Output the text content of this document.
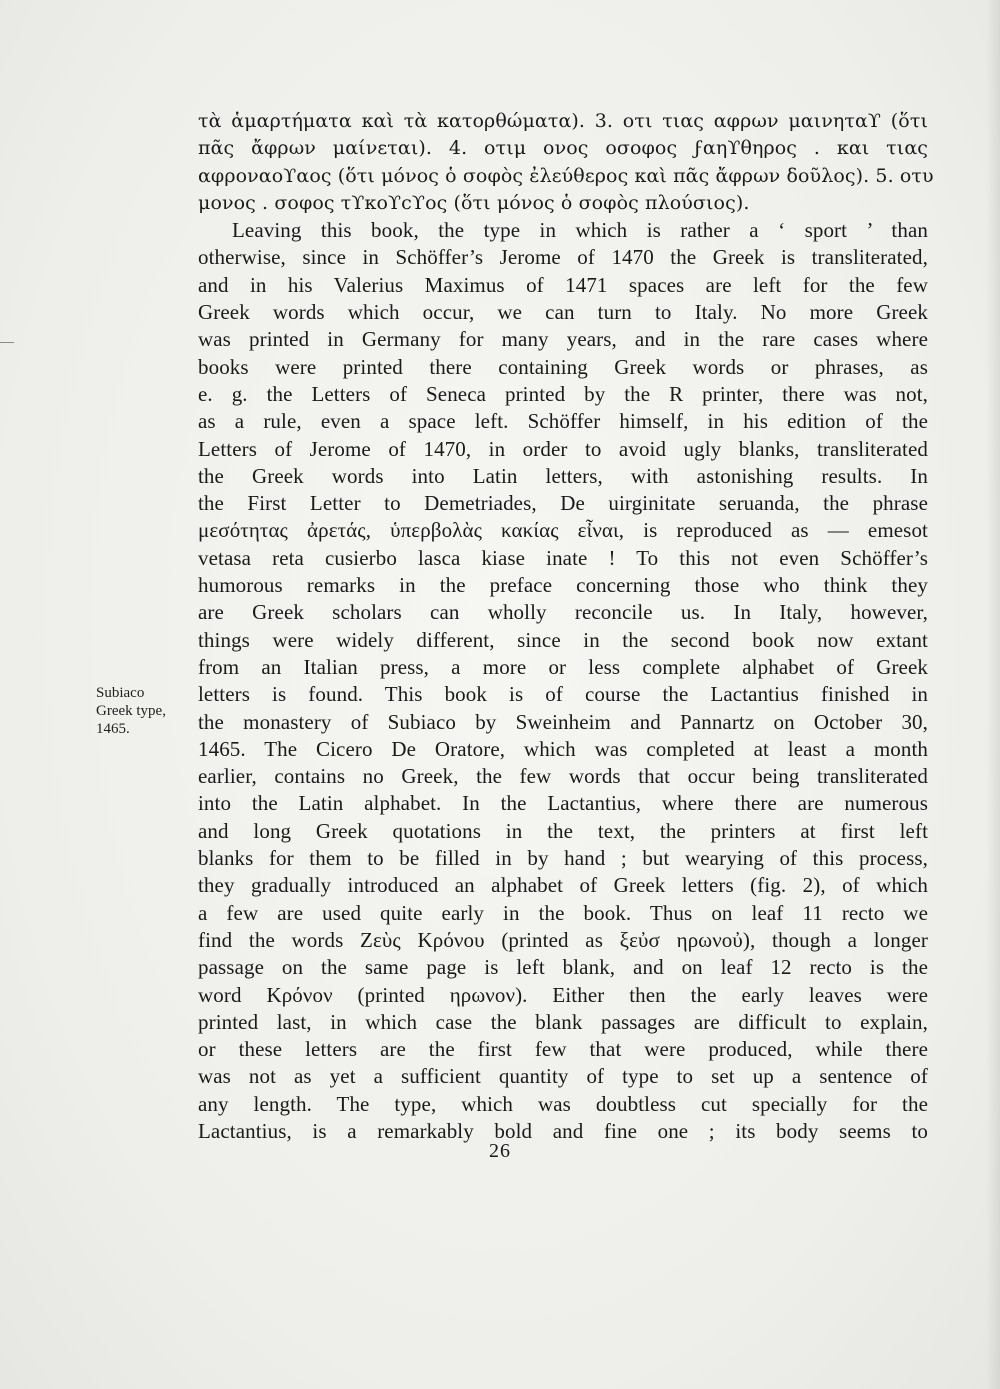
Subiaco
Greek type,
1465.
τὰ ἁμαρτήματα καὶ τὰ κατορθώματα). 3. οτι τιας αφρων μαινηταϒ (ὅτι
πᾶς ἄφρων μαίνεται). 4. οτιμ ονος οσοφος ϝαηϒθηρος . και τιας
αφροναοϒαος (ὅτι μόνος ὁ σοφὸς ἐλεύθερος καὶ πᾶς ἄφρων δοῦλος). 5. οτυ
μονος . σοφος τϒκοϒϲϒος (ὅτι μόνος ὁ σοφὸς πλούσιος).
Leaving this book, the type in which is rather a ‘ sport ’ than
otherwise, since in Schöffer’s Jerome of 1470 the Greek is transliterated,
and in his Valerius Maximus of 1471 spaces are left for the few
Greek words which occur, we can turn to Italy. No more Greek
was printed in Germany for many years, and in the rare cases where
books were printed there containing Greek words or phrases, as
e. g. the Letters of Seneca printed by the R printer, there was not,
as a rule, even a space left. Schöffer himself, in his edition of the
Letters of Jerome of 1470, in order to avoid ugly blanks, transliterated
the Greek words into Latin letters, with astonishing results. In
the First Letter to Demetriades, De uirginitate seruanda, the phrase
μεσότητας ἀρετάς, ὑπερβολὰς κακίας εἶναι, is reproduced as — emesot
vetasa reta cusierbo lasca kiase inate ! To this not even Schöffer’s
humorous remarks in the preface concerning those who think they
are Greek scholars can wholly reconcile us. In Italy, however,
things were widely different, since in the second book now extant
from an Italian press, a more or less complete alphabet of Greek
letters is found. This book is of course the Lactantius finished in
the monastery of Subiaco by Sweinheim and Pannartz on October 30,
1465. The Cicero De Oratore, which was completed at least a month
earlier, contains no Greek, the few words that occur being transliterated
into the Latin alphabet. In the Lactantius, where there are numerous
and long Greek quotations in the text, the printers at first left
blanks for them to be filled in by hand ; but wearying of this process,
they gradually introduced an alphabet of Greek letters (fig. 2), of which
a few are used quite early in the book. Thus on leaf 11 recto we
find the words Ζεὺς Κρόνου (printed as ξεὐσ ηρωνοὐ), though a longer
passage on the same page is left blank, and on leaf 12 recto is the
word Κρόνον (printed ηρωνον). Either then the early leaves were
printed last, in which case the blank passages are difficult to explain,
or these letters are the first few that were produced, while there
was not as yet a sufficient quantity of type to set up a sentence of
any length. The type, which was doubtless cut specially for the
Lactantius, is a remarkably bold and fine one ; its body seems to
26
